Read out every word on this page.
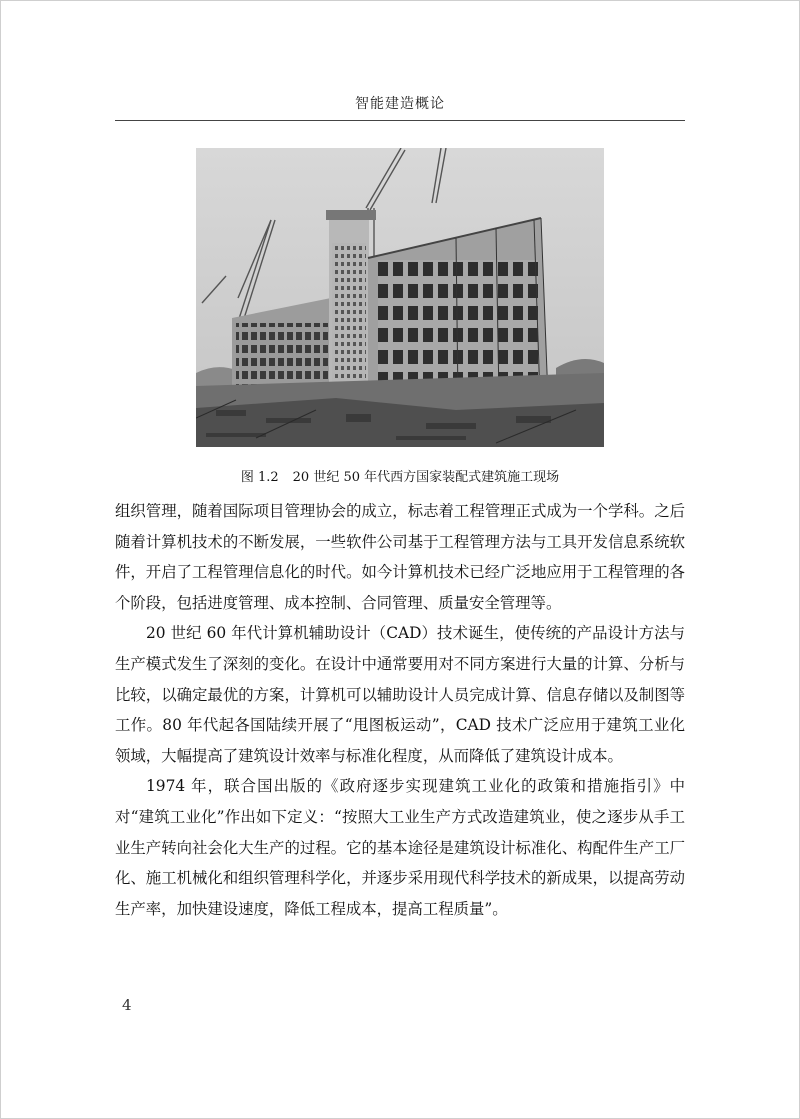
智能建造概论
图 1.2 20 世纪 50 年代西方国家装配式建筑施工现场

组织管理，随着国际项目管理协会的成立，标志着工程管理正式成为一个学科。之后随着计算机技术的不断发展，一些软件公司基于工程管理方法与工具开发信息系统软件，开启了工程管理信息化的时代。如今计算机技术已经广泛地应用于工程管理的各个阶段，包括进度管理、成本控制、合同管理、质量安全管理等。

20 世纪 60 年代计算机辅助设计（CAD）技术诞生，使传统的产品设计方法与生产模式发生了深刻的变化。在设计中通常要用对不同方案进行大量的计算、分析与比较，以确定最优的方案，计算机可以辅助设计人员完成计算、信息存储以及制图等工作。80 年代起各国陆续开展了“甩图板运动”，CAD 技术广泛应用于建筑工业化领域，大幅提高了建筑设计效率与标准化程度，从而降低了建筑设计成本。

1974 年，联合国出版的《政府逐步实现建筑工业化的政策和措施指引》中对“建筑工业化”作出如下定义：“按照大工业生产方式改造建筑业，使之逐步从手工业生产转向社会化大生产的过程。它的基本途径是建筑设计标准化、构配件生产工厂化、施工机械化和组织管理科学化，并逐步采用现代科学技术的新成果，以提高劳动生产率，加快建设速度，降低工程成本，提高工程质量”。

4
